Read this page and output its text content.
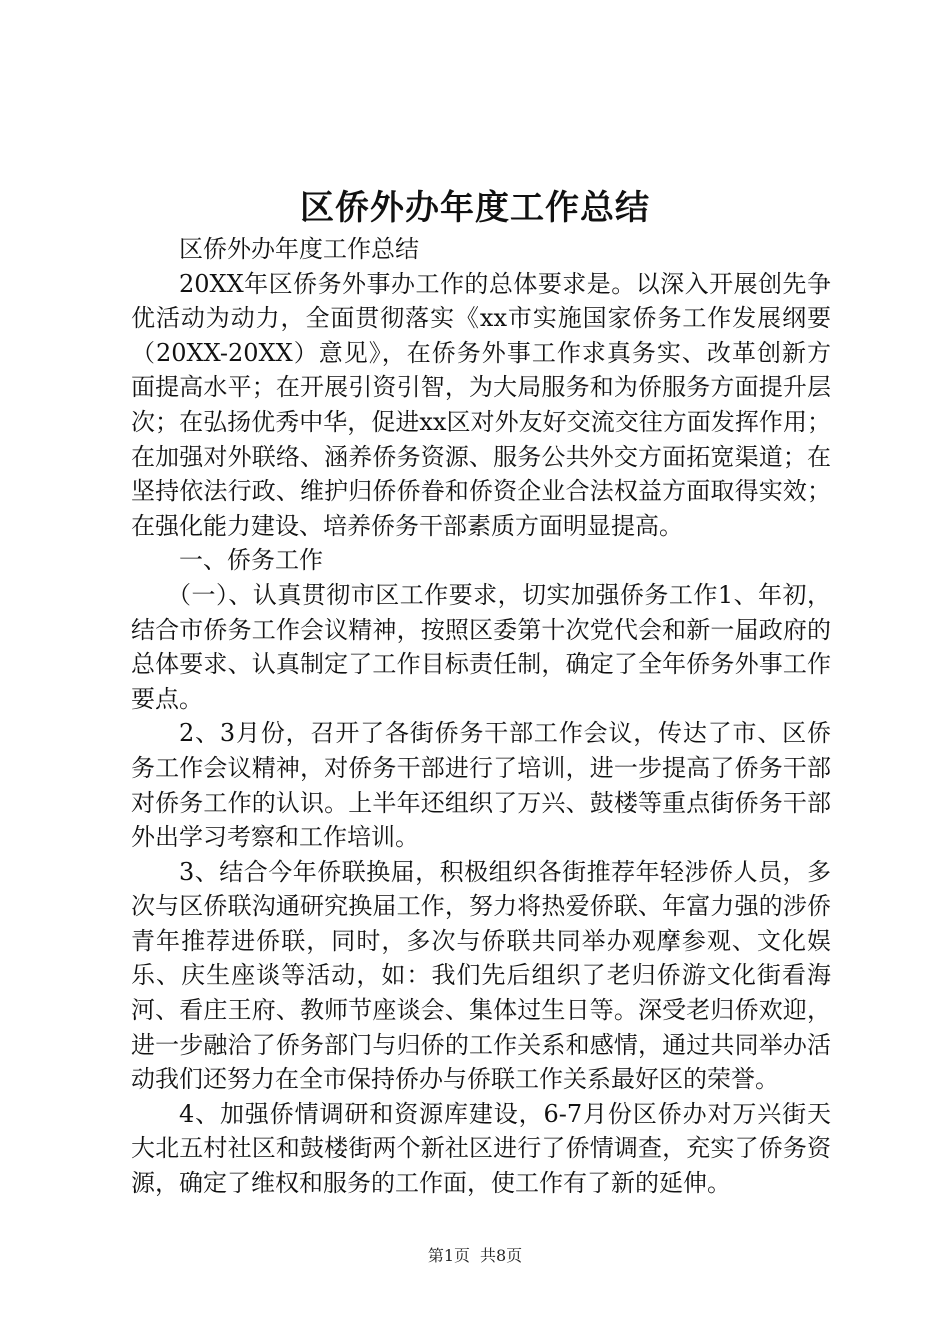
区侨外办年度工作总结

区侨外办年度工作总结

20XX年区侨务外事办工作的总体要求是。以深入开展创先争优活动为动力，全面贯彻落实《xx市实施国家侨务工作发展纲要（20XX-20XX）意见》，在侨务外事工作求真务实、改革创新方面提高水平；在开展引资引智，为大局服务和为侨服务方面提升层次；在弘扬优秀中华，促进xx区对外友好交流交往方面发挥作用；在加强对外联络、涵养侨务资源、服务公共外交方面拓宽渠道；在坚持依法行政、维护归侨侨眷和侨资企业合法权益方面取得实效；在强化能力建设、培养侨务干部素质方面明显提高。

一、侨务工作

（一）、认真贯彻市区工作要求，切实加强侨务工作1、年初，结合市侨务工作会议精神，按照区委第十次党代会和新一届政府的总体要求、认真制定了工作目标责任制，确定了全年侨务外事工作要点。

2、3月份，召开了各街侨务干部工作会议，传达了市、区侨务工作会议精神，对侨务干部进行了培训，进一步提高了侨务干部对侨务工作的认识。上半年还组织了万兴、鼓楼等重点街侨务干部外出学习考察和工作培训。

3、结合今年侨联换届，积极组织各街推荐年轻涉侨人员，多次与区侨联沟通研究换届工作，努力将热爱侨联、年富力强的涉侨青年推荐进侨联，同时，多次与侨联共同举办观摩参观、文化娱乐、庆生座谈等活动，如：我们先后组织了老归侨游文化街看海河、看庄王府、教师节座谈会、集体过生日等。深受老归侨欢迎，进一步融洽了侨务部门与归侨的工作关系和感情，通过共同举办活动我们还努力在全市保持侨办与侨联工作关系最好区的荣誉。

4、加强侨情调研和资源库建设，6-7月份区侨办对万兴街天大北五村社区和鼓楼街两个新社区进行了侨情调查，充实了侨务资源，确定了维权和服务的工作面，使工作有了新的延伸。

第1页 共8页
